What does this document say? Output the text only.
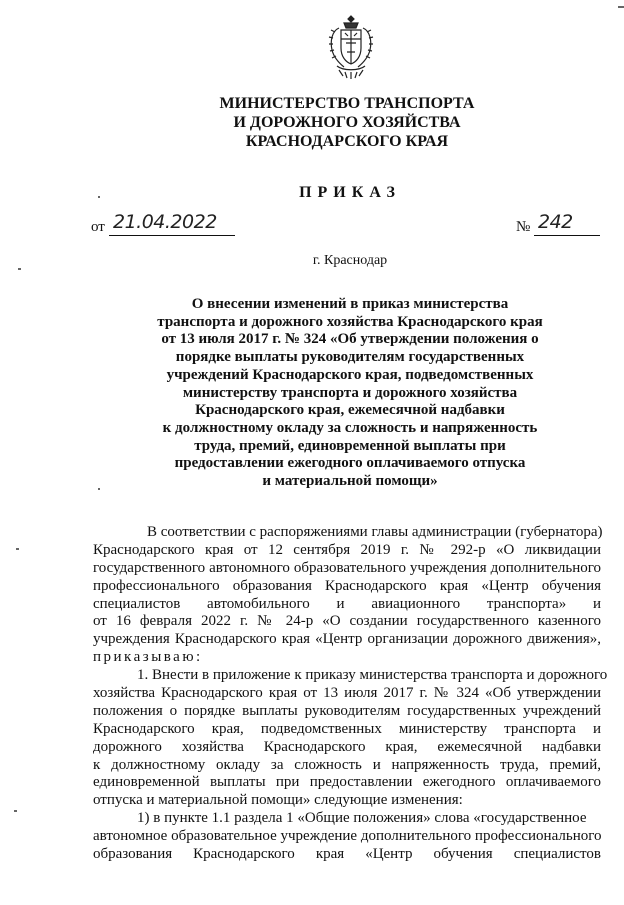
МИНИСТЕРСТВО ТРАНСПОРТА
И ДОРОЖНОГО ХОЗЯЙСТВА
КРАСНОДАРСКОГО КРАЯ
ПРИКАЗ
от 21.04.2022	№ 242
г. Краснодар
О внесении изменений в приказ министерства
транспорта и дорожного хозяйства Краснодарского края
от 13 июля 2017 г. № 324 «Об утверждении положения о
порядке выплаты руководителям государственных
учреждений Краснодарского края, подведомственных
министерству транспорта и дорожного хозяйства
Краснодарского края, ежемесячной надбавки
к должностному окладу за сложность и напряженность
труда, премий, единовременной выплаты при
предоставлении ежегодного оплачиваемого отпуска
и материальной помощи»
В соответствии с распоряжениями главы администрации (губернатора)
Краснодарского края от 12 сентября 2019 г. № 292-р «О ликвидации
государственного автономного образовательного учреждения дополнительного
профессионального образования Краснодарского края «Центр обучения
специалистов автомобильного и авиационного транспорта» и
от 16 февраля 2022 г. № 24-р «О создании государственного казенного
учреждения Краснодарского края «Центр организации дорожного движения»,
приказываю:
1. Внести в приложение к приказу министерства транспорта и дорожного
хозяйства Краснодарского края от 13 июля 2017 г. № 324 «Об утверждении
положения о порядке выплаты руководителям государственных учреждений
Краснодарского края, подведомственных министерству транспорта и
дорожного хозяйства Краснодарского края, ежемесячной надбавки
к должностному окладу за сложность и напряженность труда, премий,
единовременной выплаты при предоставлении ежегодного оплачиваемого
отпуска и материальной помощи» следующие изменения:
1) в пункте 1.1 раздела 1 «Общие положения» слова «государственное
автономное образовательное учреждение дополнительного профессионального
образования Краснодарского края «Центр обучения специалистов
